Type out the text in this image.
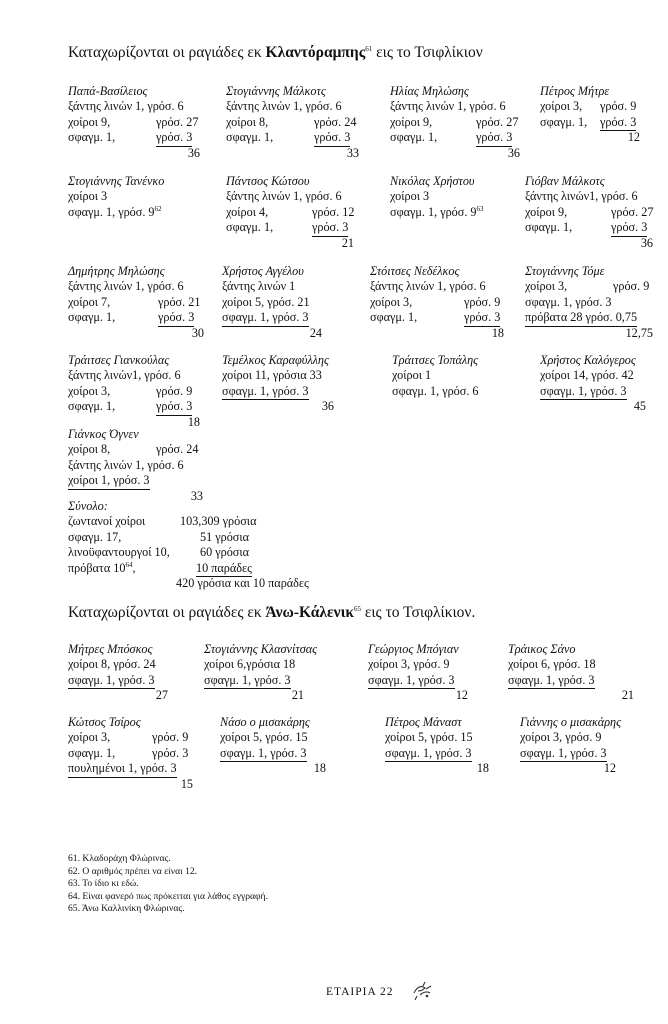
Καταχωρίζονται οι ραγιάδες εκ Κλαντόραμπης$^{61}$ εις το Τσιφλίκιον
Καταχωρίζονται οι ραγιάδες εκ Άνω-Κάλενικ$^{65}$ εις το Τσιφλίκιον.
Παπά-Βασίλειος
ξάντης λινών 1, γρόσ. 6
χοίροι 9,	γρόσ. 27
σφαγμ. 1,	γρόσ. 3
36
Στογιάννης Μάλκοτς
ξάντης λινών 1, γρόσ. 6
χοίροι 8,	γρόσ. 24
σφαγμ. 1,	γρόσ. 3
33
Ηλίας Μηλώσης
ξάντης λινών 1, γρόσ. 6
χοίροι 9,	γρόσ. 27
σφαγμ. 1,	γρόσ. 3
36
Πέτρος Μήτρε
χοίροι 3, γρόσ. 9
σφαγμ. 1, γρόσ. 3
12
Στογιάννης Τανένκο
χοίροι 3
σφαγμ. 1, γρόσ. $9^{62}$
Πάντσος Κώτσου
ξάντης λινών 1, γρόσ. 6
χοίροι 4,	γρόσ. 12
σφαγμ. 1,	γρόσ. 3
21
Νικόλας Χρήστου
χοίροι 3
σφαγμ. 1, γρόσ. $9^{63}$
Γιόβαν Μάλκοτς
ξάντης λινών1, γρόσ. 6
χοίροι 9,	γρόσ. 27
σφαγμ. 1,	γρόσ. 3
36
Δημήτρης Μηλώσης
ξάντης λινών 1, γρόσ. 6
χοίροι 7,	γρόσ. 21
σφαγμ. 1,	γρόσ. 3
30
Χρήστος Αγγέλου
ξάντης λινών 1
χοίροι 5, γρόσ. 21
σφαγμ. 1, γρόσ. 3
24
Στόιτσες Νεδέλκος
ξάντης λινών 1, γρόσ. 6
χοίροι 3,	γρόσ. 9
σφαγμ. 1,	γρόσ. 3
18
Στογιάννης Τόμε
χοίροι 3,	γρόσ. 9
σφαγμ. 1, γρόσ. 3
πρόβατα 28 γρόσ. 0,75
12,75
Τράιτσες Γιανκούλας
ξάντης λινών1, γρόσ. 6
χοίροι 3,	γρόσ. 9
σφαγμ. 1,	γρόσ. 3
18
Τεμέλκος Καραφύλλης
χοίροι 11, γρόσια 33
σφαγμ. 1, γρόσ. 3
36
Τράιτσες Τοπάλης
χοίροι 1
σφαγμ. 1, γρόσ. 6
Χρήστος Καλόγερος
χοίροι 14, γρόσ. 42
σφαγμ. 1, γρόσ. 3
45
Γιάνκος Όγνεν
χοίροι 8,	γρόσ. 24
ξάντης λινών 1, γρόσ. 6
χοίροι 1, γρόσ. 3
33
Μήτρες Μπόσκος
χοίροι 8, γρόσ. 24
σφαγμ. 1, γρόσ. 3
27
Στογιάννης Κλασνίτσας
χοίροι 6,γρόσια 18
σφαγμ. 1, γρόσ. 3
21
Γεώργιος Μπόγιαν
χοίροι 3, γρόσ. 9
σφαγμ. 1, γρόσ. 3
12
Τράικος Σάνο
χοίροι 6, γρόσ. 18
σφαγμ. 1, γρόσ. 3
21
Κώτσος Τσίρος
χοίροι 3,	γρόσ. 9
σφαγμ. 1,	γρόσ. 3
πουλημένοι 1, γρόσ. 3
15
Νάσο ο μισακάρης
χοίροι 5, γρόσ. 15
σφαγμ. 1, γρόσ. 3
18
Πέτρος Μάναστ
χοίροι 5, γρόσ. 15
σφαγμ. 1, γρόσ. 3
18
Γιάννης ο μισακάρης
χοίροι 3, γρόσ. 9
σφαγμ. 1, γρόσ. 3
12
Σύνολο:
ζωντανοί χοίροι	103,309 γρόσια
σφαγμ. 17,	51 γρόσια
λινοϋφαντουργοί 10, 60 γρόσια
πρόβατα $10^{64}$,	10 παράδες
420 γρόσια και 10 παράδες
61. Κλαδοράχη Φλώρινας.
62. Ο αριθμός πρέπει να είναι 12.
63. Το ίδιο κι εδώ.
64. Είναι φανερό πως πρόκειται για λάθος εγγραφή.
65. Άνω Καλλινίκη Φλώρινας.
ΕΤΑΙΡΙΑ 22
